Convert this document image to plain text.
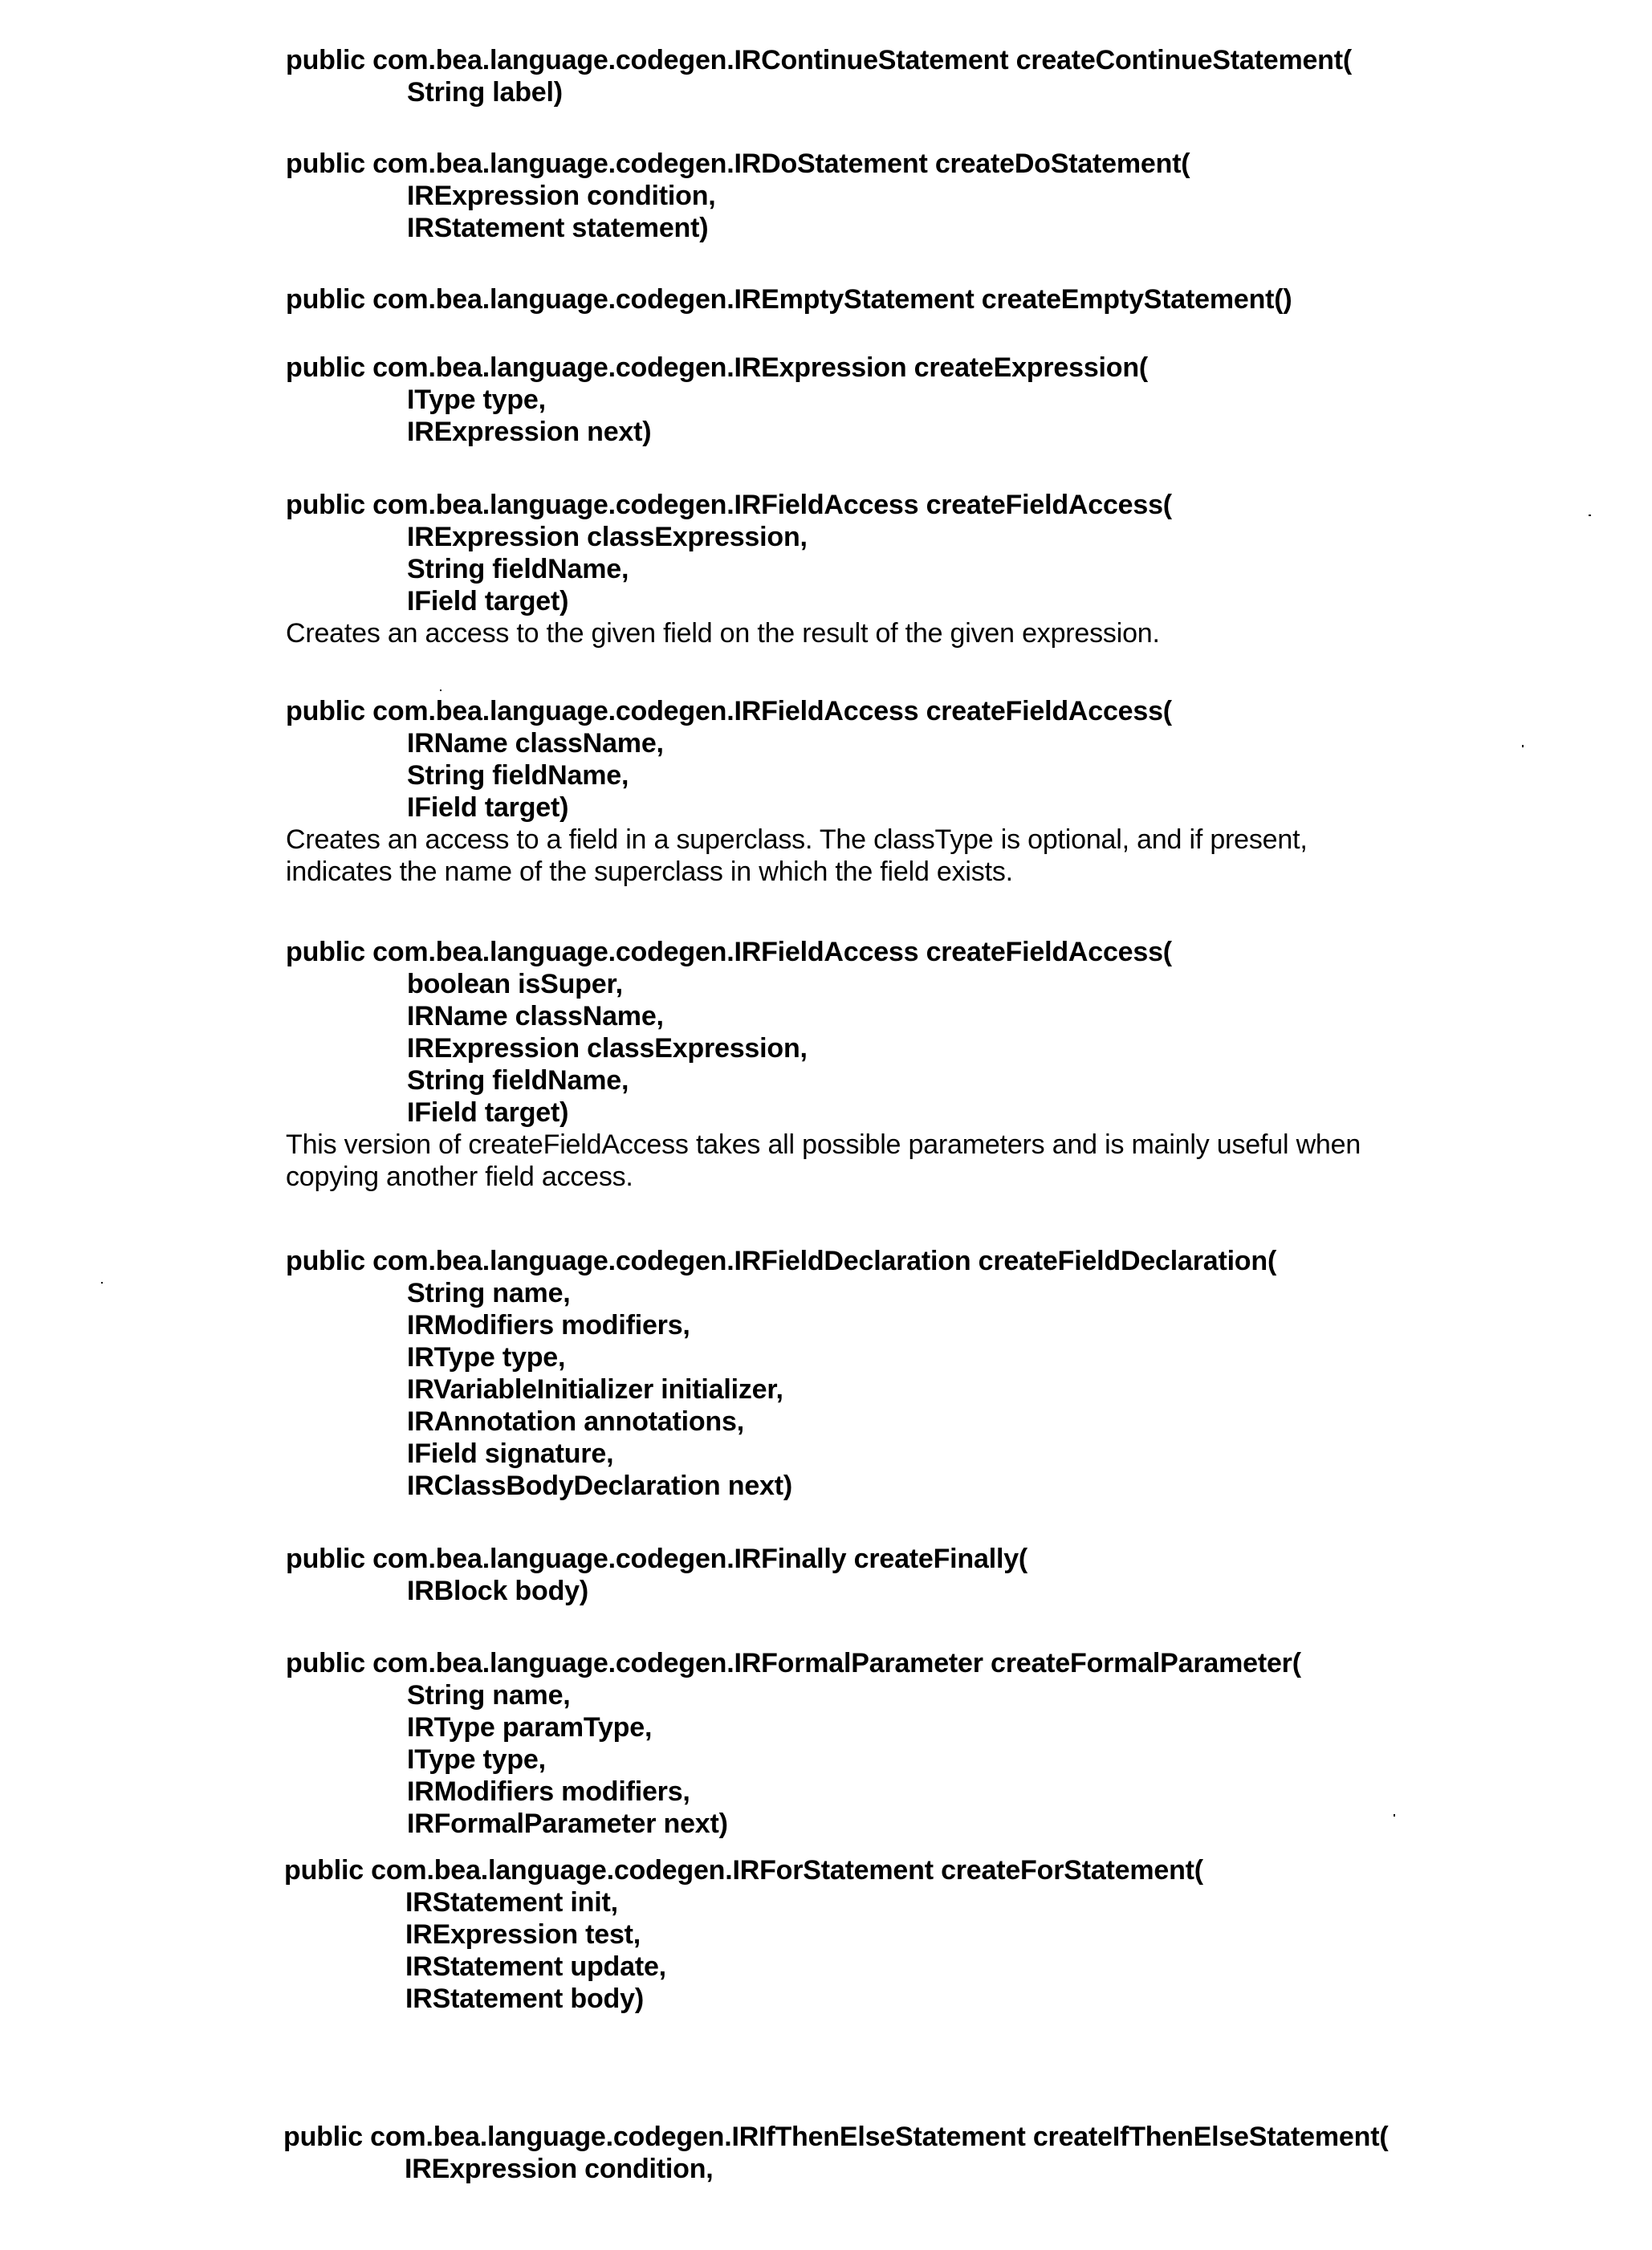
public com.bea.language.codegen.IRContinueStatement createContinueStatement(
String label)
public com.bea.language.codegen.IRDoStatement createDoStatement(
IRExpression condition,
IRStatement statement)
public com.bea.language.codegen.IREmptyStatement createEmptyStatement()
public com.bea.language.codegen.IRExpression createExpression(
IType type,
IRExpression next)
public com.bea.language.codegen.IRFieldAccess createFieldAccess(
IRExpression classExpression,
String fieldName,
IField target)
Creates an access to the given field on the result of the given expression.
public com.bea.language.codegen.IRFieldAccess createFieldAccess(
IRName className,
String fieldName,
IField target)
Creates an access to a field in a superclass. The classType is optional, and if present,
indicates the name of the superclass in which the field exists.
public com.bea.language.codegen.IRFieldAccess createFieldAccess(
boolean isSuper,
IRName className,
IRExpression classExpression,
String fieldName,
IField target)
This version of createFieldAccess takes all possible parameters and is mainly useful when
copying another field access.
public com.bea.language.codegen.IRFieldDeclaration createFieldDeclaration(
String name,
IRModifiers modifiers,
IRType type,
IRVariableInitializer initializer,
IRAnnotation annotations,
IField signature,
IRClassBodyDeclaration next)
public com.bea.language.codegen.IRFinally createFinally(
IRBlock body)
public com.bea.language.codegen.IRFormalParameter createFormalParameter(
String name,
IRType paramType,
IType type,
IRModifiers modifiers,
IRFormalParameter next)
public com.bea.language.codegen.IRForStatement createForStatement(
IRStatement init,
IRExpression test,
IRStatement update,
IRStatement body)
public com.bea.language.codegen.IRIfThenElseStatement createIfThenElseStatement(
IRExpression condition,
